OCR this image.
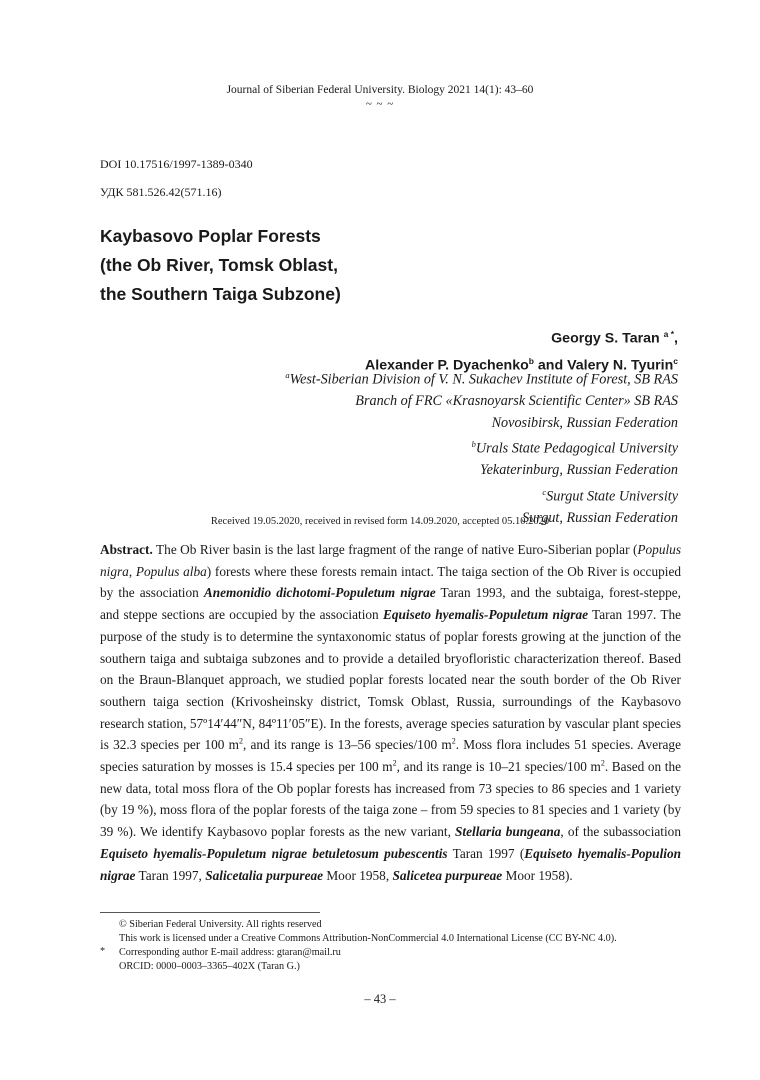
Journal of Siberian Federal University. Biology 2021 14(1): 43–60
~ ~ ~
DOI 10.17516/1997-1389-0340
УДК 581.526.42(571.16)
Kaybasovo Poplar Forests
(the Ob River, Tomsk Oblast,
the Southern Taiga Subzone)
Georgy S. Taran $^{a *}$,
Alexander P. Dyachenko$^b$ and Valery N. Tyurin$^c$
$^a$West-Siberian Division of V. N. Sukachev Institute of Forest, SB RAS
Branch of FRC «Krasnoyarsk Scientific Center» SB RAS
Novosibirsk, Russian Federation
$^b$Urals State Pedagogical University
Yekaterinburg, Russian Federation
$^c$Surgut State University
Surgut, Russian Federation
Received 19.05.2020, received in revised form 14.09.2020, accepted 05.10.2020

Abstract. The Ob River basin is the last large fragment of the range of native Euro-Siberian poplar (Populus nigra, Populus alba) forests where these forests remain intact. The taiga section of the Ob River is occupied by the association Anemonidio dichotomi-Populetum nigrae Taran 1993, and the subtaiga, forest-steppe, and steppe sections are occupied by the association Equiseto hyemalis-Populetum nigrae Taran 1997. The purpose of the study is to determine the syntaxonomic status of poplar forests growing at the junction of the southern taiga and subtaiga subzones and to provide a detailed bryofloristic characterization thereof. Based on the Braun-Blanquet approach, we studied poplar forests located near the south border of the Ob River southern taiga section (Krivosheinsky district, Tomsk Oblast, Russia, surroundings of the Kaybasovo research station, 57º14′44″N, 84º11′05″E). In the forests, average species saturation by vascular plant species is 32.3 species per 100 $m^2$, and its range is 13–56 species/100 $m^2$. Moss flora includes 51 species. Average species saturation by mosses is 15.4 species per 100 $m^2$, and its range is 10–21 species/100 $m^2$. Based on the new data, total moss flora of the Ob poplar forests has increased from 73 species to 86 species and 1 variety (by 19 %), moss flora of the poplar forests of the taiga zone – from 59 species to 81 species and 1 variety (by 39 %). We identify Kaybasovo poplar forests as the new variant, Stellaria bungeana, of the subassociation Equiseto hyemalis-Populetum nigrae betuletosum pubescentis Taran 1997 (Equiseto hyemalis-Populion nigrae Taran 1997, Salicetalia purpureae Moor 1958, Salicetea purpureae Moor 1958).

© Siberian Federal University. All rights reserved
This work is licensed under a Creative Commons Attribution-NonCommercial 4.0 International License (CC BY-NC 4.0).
* Corresponding author E-mail address: gtaran@mail.ru
ORCID: 0000–0003–3365–402X (Taran G.)
– 43 –
